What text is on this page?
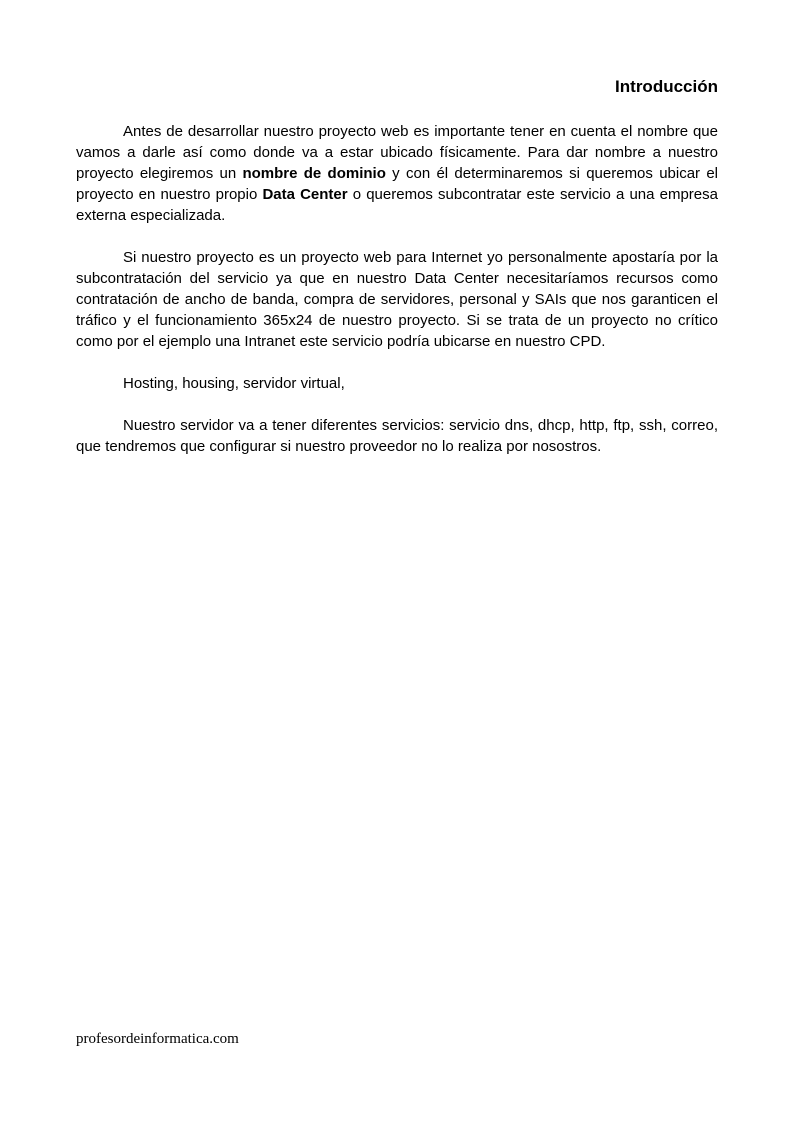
Introducción

Antes de desarrollar nuestro proyecto web es importante tener en cuenta el nombre que vamos a darle así como donde va a estar ubicado físicamente. Para dar nombre a nuestro proyecto elegiremos un nombre de dominio y con él determinaremos si queremos ubicar el proyecto en nuestro propio Data Center o queremos subcontratar este servicio a una empresa externa especializada.

Si nuestro proyecto es un proyecto web para Internet yo personalmente apostaría por la subcontratación del servicio ya que en nuestro Data Center necesitaríamos recursos como contratación de ancho de banda, compra de servidores, personal y SAIs que nos garanticen el tráfico y el funcionamiento 365x24 de nuestro proyecto. Si se trata de un proyecto no crítico como por el ejemplo una Intranet este servicio podría ubicarse en nuestro CPD.

Hosting, housing, servidor virtual,

Nuestro servidor va a tener diferentes servicios: servicio dns, dhcp, http, ftp, ssh, correo, que tendremos que configurar si nuestro proveedor no lo realiza por nosostros.

profesordeinformatica.com
